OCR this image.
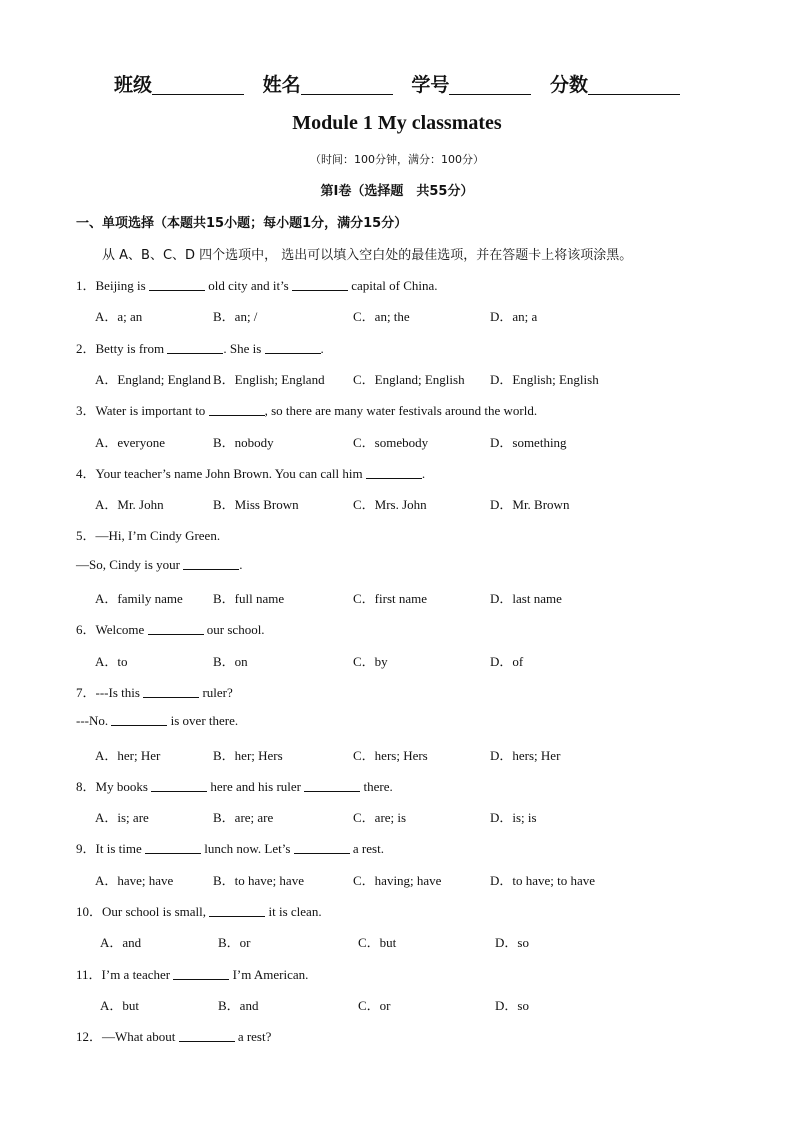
班级	姓名	学号	分数
Module 1 My classmates
（时间：100分钟，满分：100分）
第Ⅰ卷（选择题　共55分）
一、单项选择（本题共15小题；每小题1分，满分15分）
从 A、B、C、D 四个选项中， 选出可以填入空白处的最佳选项，并在答题卡上将该项涂黑。
1．Beijing is	old city and it’s	capital of China.
A．a; an	B．an; /	C．an; the	D．an; a
2．Betty is from	. She is	.
A．England; England B．English; England C．England; English D．English; English
3．Water is important to	, so there are many water festivals around the world.
A．everyone	B．nobody	C．somebody	D．something
4．Your teacher’s name John Brown. You can call him	.
A．Mr. John	B．Miss Brown	C．Mrs. John	D．Mr. Brown
5．—Hi, I’m Cindy Green.
—So, Cindy is your	.
A．family name B．full name	C．first name	D．last name
6．Welcome	our school.
A．to	B．on	C．by	D．of
7．---Is this	ruler?
---No.	is over there.
A．her; Her	B．her; Hers	C．hers; Hers	D．hers; Her
8．My books	here and his ruler	there.
A．is; are	B．are; are	C．are; is	D．is; is
9．It is time	lunch now. Let’s	a rest.
A．have; have	B．to have; have	C．having; have	D．to have; to have
10．Our school is small,	it is clean.
A．and	B．or	C．but	D．so
11．I’m a teacher	I’m American.
A．but	B．and	C．or	D．so
12．—What about	a rest?
